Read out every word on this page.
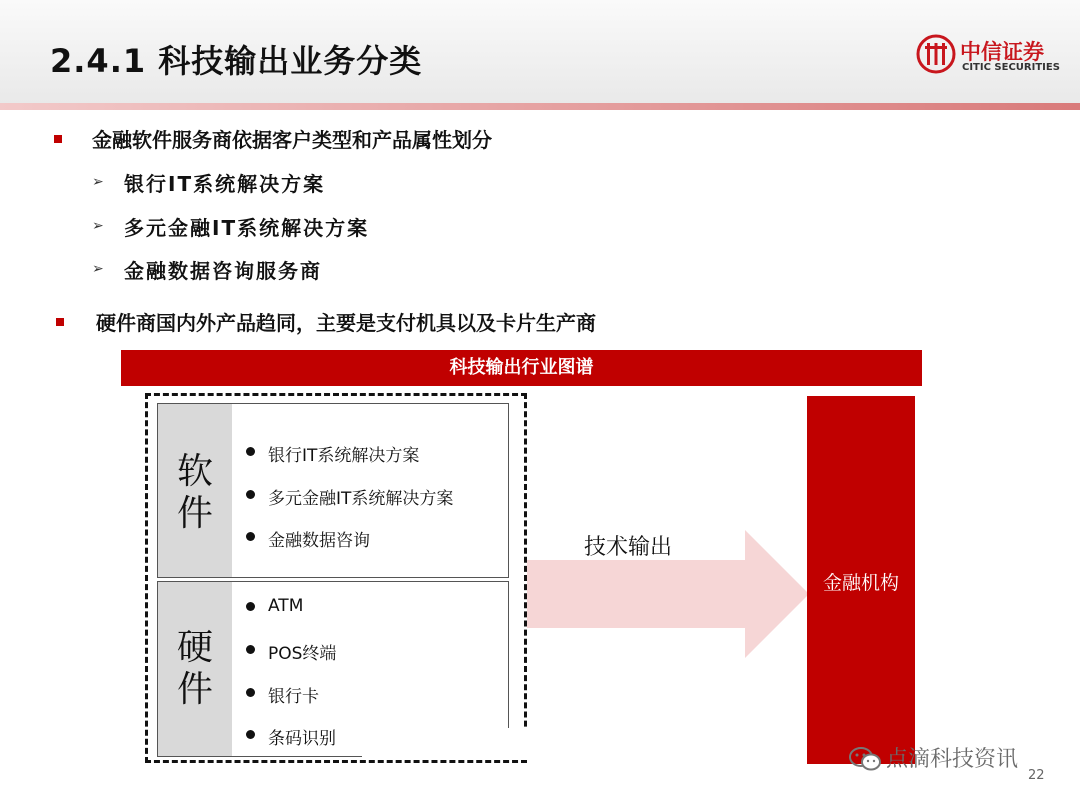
2.4.1 科技输出业务分类	中信证券
CITIC SECURITIES
金融软件服务商依据客户类型和产品属性划分
➢ 银行IT系统解决方案
➢ 多元金融IT系统解决方案
➢ 金融数据咨询服务商
硬件商国内外产品趋同，主要是支付机具以及卡片生产商
科技输出行业图谱
软
件
银行IT系统解决方案
多元金融IT系统解决方案
金融数据咨询
硬
件
ATM
POS终端
银行卡
条码识别
技术输出
金融机构
点滴科技资讯
22
